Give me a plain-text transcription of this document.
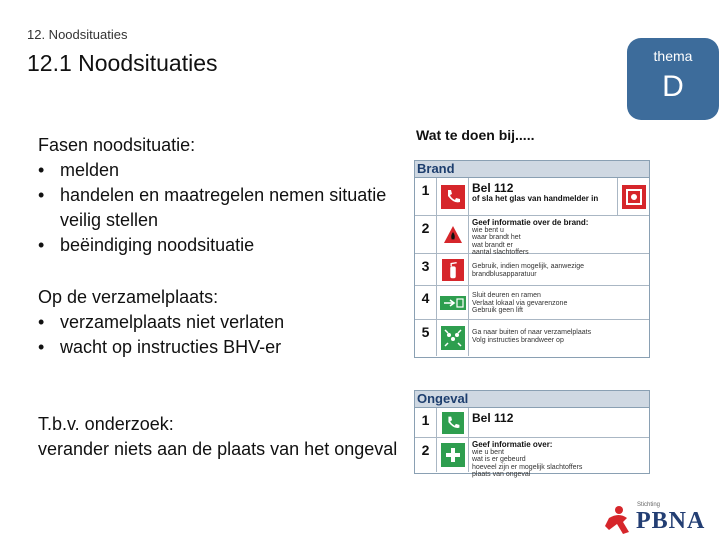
12. Noodsituaties
12.1 Noodsituaties	thema
D

Fasen noodsituatie:

• melden
• handelen en maatregelen nemen situatie veilig stellen
• beëindiging noodsituatie

Op de verzamelplaats:

• verzamelplaats niet verlaten
• wacht op instructies BHV-er

T.b.v. onderzoek:

verander niets aan de plaats van het ongeval

Wat te doen bij.....
Brand
1	Bel 112
of sla het glas van handmelder in
2	Geef informatie over de brand:
wie bent u
waar brandt het
wat brandt er
aantal slachtoffers
3	Gebruik, indien mogelijk, aanwezige brandblusapparatuur
4	Sluit deuren en ramen
Verlaat lokaal via gevarenzone
Gebruik geen lift
5	Ga naar buiten of naar verzamelplaats
Volg instructies brandweer op
Ongeval
1	Bel 112
2	Geef informatie over:
wie u bent
wat is er gebeurd
hoeveel zijn er mogelijk slachtoffers
plaats van ongeval
Stichting
PBNA
